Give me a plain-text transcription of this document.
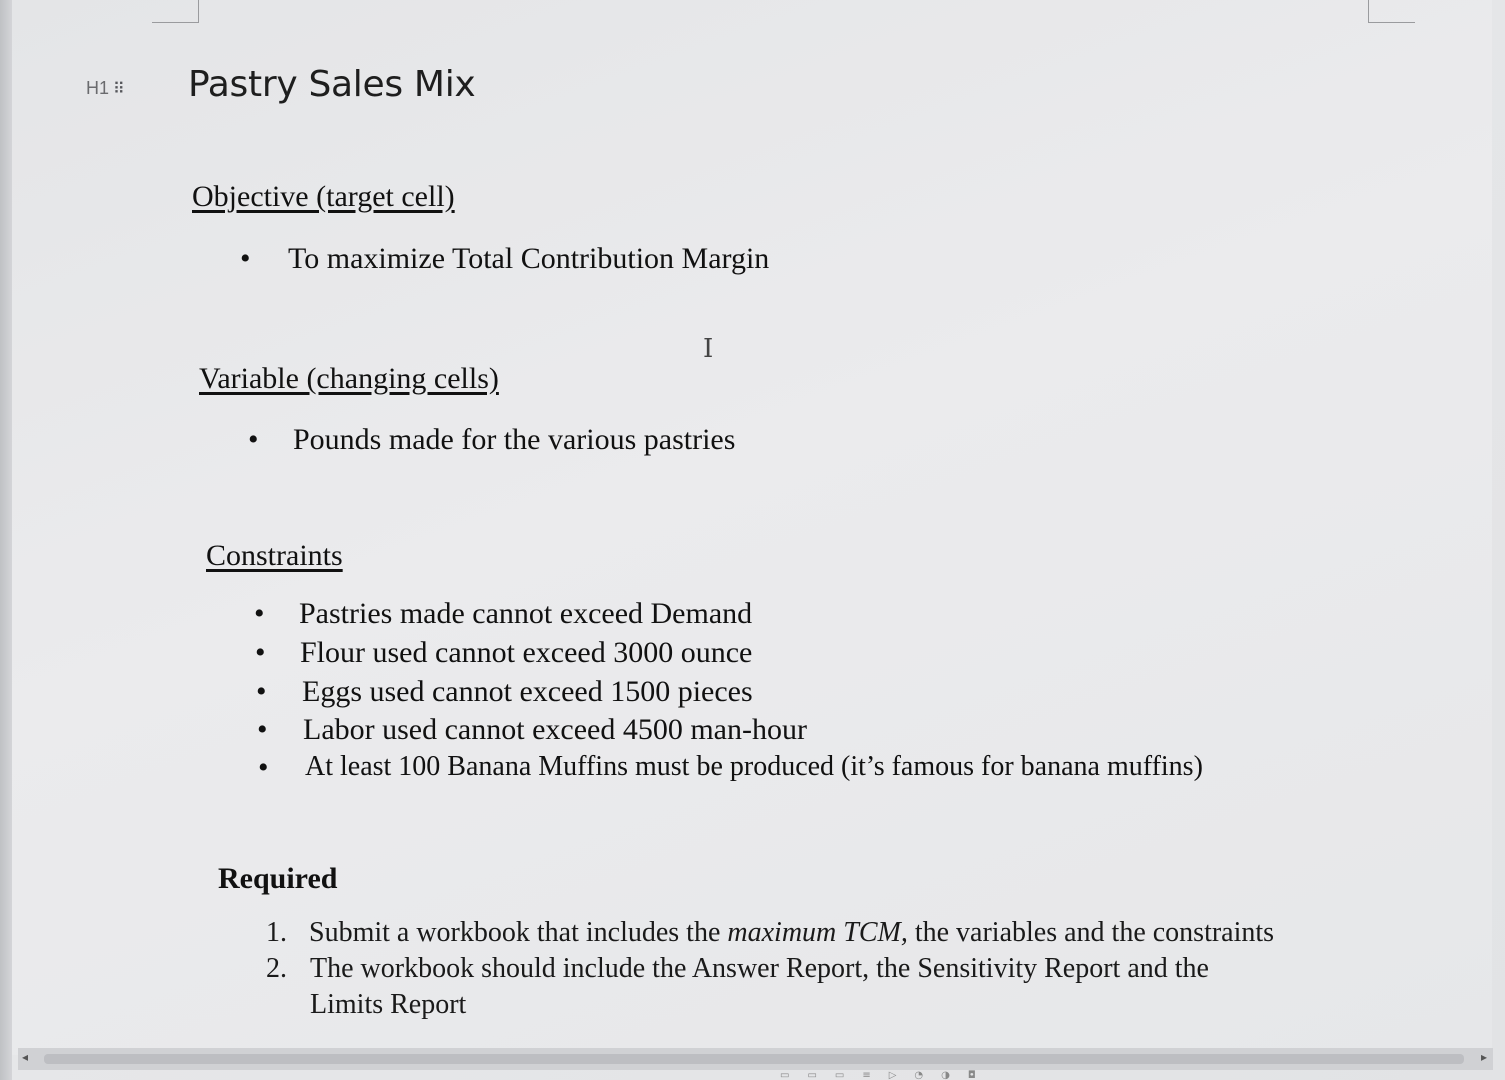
H1 ⠿ Pastry Sales Mix
Objective (target cell)
• To maximize Total Contribution Margin
I
Variable (changing cells)
• Pounds made for the various pastries
Constraints
• Pastries made cannot exceed Demand
• Flour used cannot exceed 3000 ounce
• Eggs used cannot exceed 1500 pieces
• Labor used cannot exceed 4500 man-hour
• At least 100 Banana Muffins must be produced (it’s famous for banana muffins)
Required
1. Submit a workbook that includes the maximum TCM, the variables and the constraints
2. The workbook should include the Answer Report, the Sensitivity Report and the
Limits Report
◂	▸
▭▭▭≡▷◔◑◘
